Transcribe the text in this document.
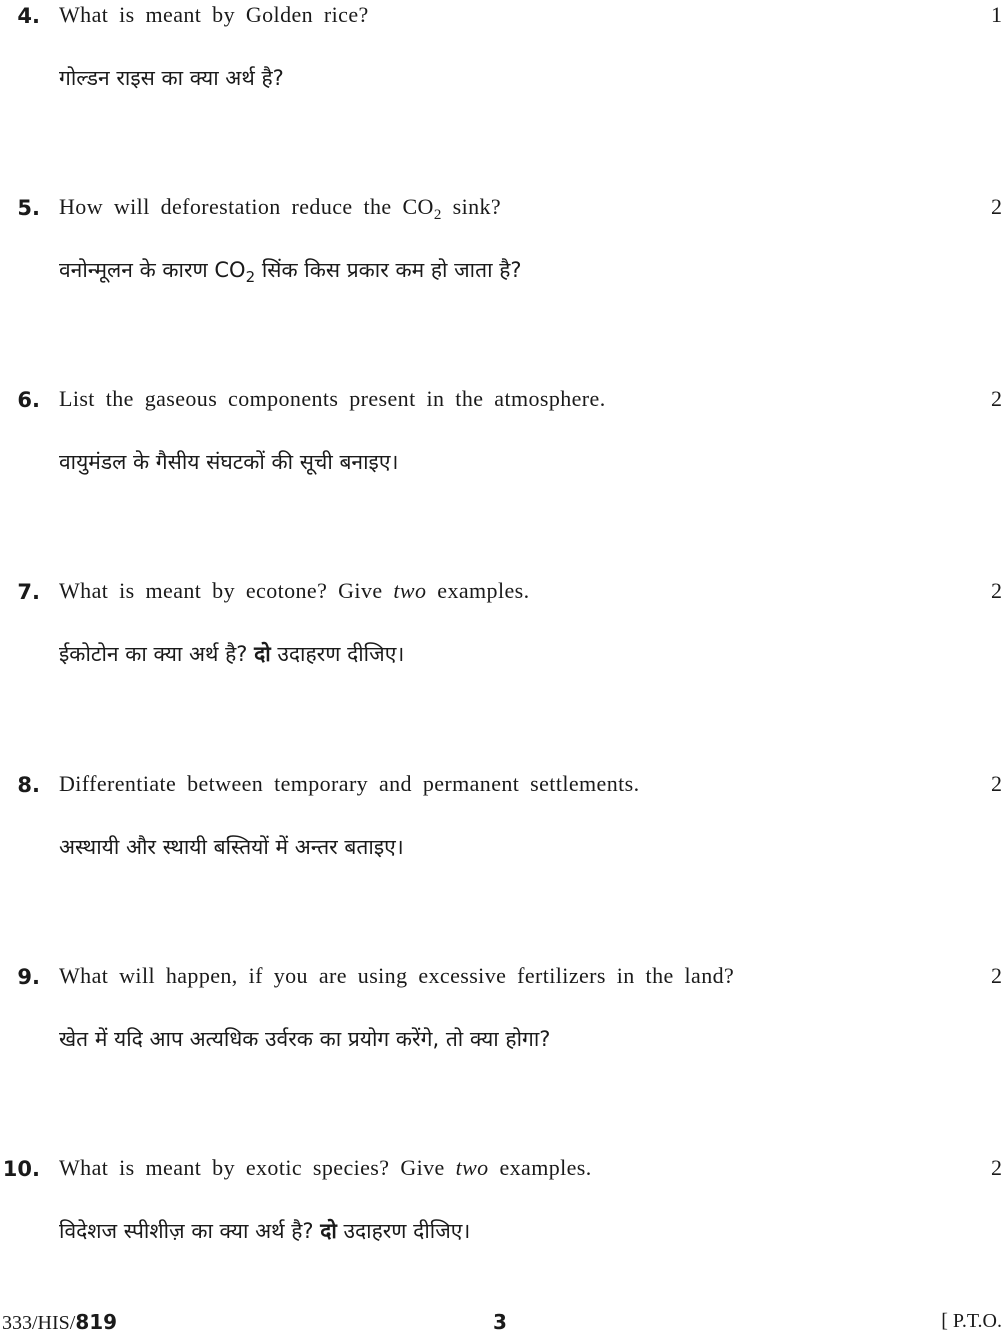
4. What is meant by Golden rice?	1
गोल्डन राइस का क्या अर्थ है?
5. How will deforestation reduce the $CO_2$ sink?	2
वनोन्मूलन के कारण $CO_2$ सिंक किस प्रकार कम हो जाता है?
6. List the gaseous components present in the atmosphere.	2
वायुमंडल के गैसीय संघटकों की सूची बनाइए।
7. What is meant by ecotone? Give two examples.	2
ईकोटोन का क्या अर्थ है? दो उदाहरण दीजिए।
8. Differentiate between temporary and permanent settlements.	2
अस्थायी और स्थायी बस्तियों में अन्तर बताइए।
9. What will happen, if you are using excessive fertilizers in the land?	2
खेत में यदि आप अत्यधिक उर्वरक का प्रयोग करेंगे, तो क्या होगा?
10. What is meant by exotic species? Give two examples.	2
विदेशज स्पीशीज़ का क्या अर्थ है? दो उदाहरण दीजिए।
333/HIS/819	3	[ P.T.O.
